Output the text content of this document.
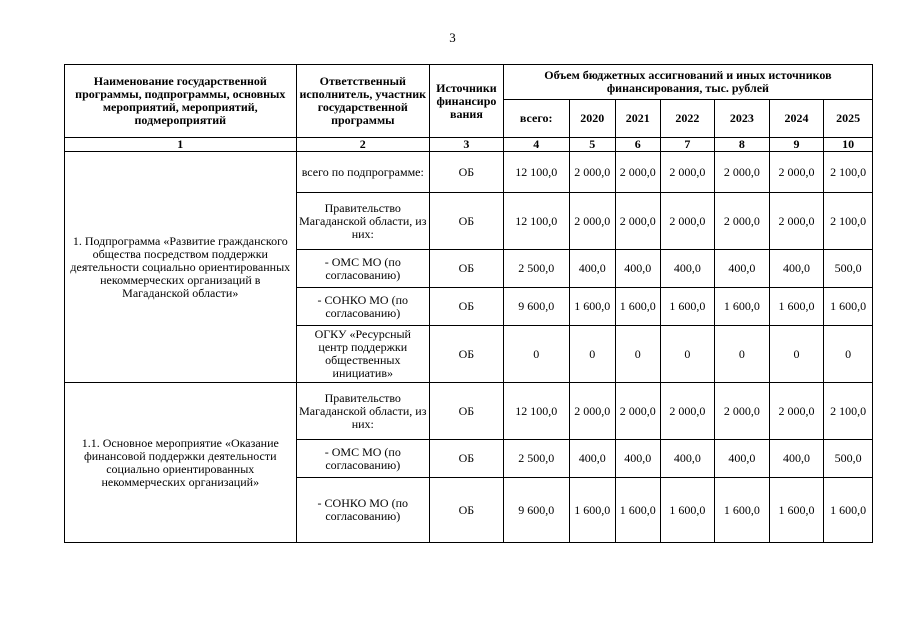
3
Наименование государственной программы, подпрограммы, основных мероприятий, мероприятий, подмероприятий	Ответственный исполнитель, участник государственной программы	Источники финансиро вания	Объем бюджетных ассигнований и иных источников финансирования, тыс. рублей						
			всего:	2020	2021	2022	2023	2024	2025
1	2	3	4	5	6	7	8	9	10
1. Подпрограмма «Развитие гражданского общества посредством поддержки деятельности социально ориентированных некоммерческих организаций в Магаданской области»	всего по подпрограмме:	ОБ	12 100,0	2 000,0	2 000,0	2 000,0	2 000,0	2 000,0	2 100,0
	Правительство Магаданской области, из них:	ОБ	12 100,0	2 000,0	2 000,0	2 000,0	2 000,0	2 000,0	2 100,0
	- ОМС МО (по согласованию)	ОБ	2 500,0	400,0	400,0	400,0	400,0	400,0	500,0
	- СОНКО МО (по согласованию)	ОБ	9 600,0	1 600,0	1 600,0	1 600,0	1 600,0	1 600,0	1 600,0
	ОГКУ «Ресурсный центр поддержки общественных инициатив»	ОБ	0	0	0	0	0	0	0
1.1. Основное мероприятие «Оказание финансовой поддержки деятельности социально ориентированных некоммерческих организаций»	Правительство Магаданской области, из них:	ОБ	12 100,0	2 000,0	2 000,0	2 000,0	2 000,0	2 000,0	2 100,0
	- ОМС МО (по согласованию)	ОБ	2 500,0	400,0	400,0	400,0	400,0	400,0	500,0
	- СОНКО МО (по согласованию)	ОБ	9 600,0	1 600,0	1 600,0	1 600,0	1 600,0	1 600,0	1 600,0
